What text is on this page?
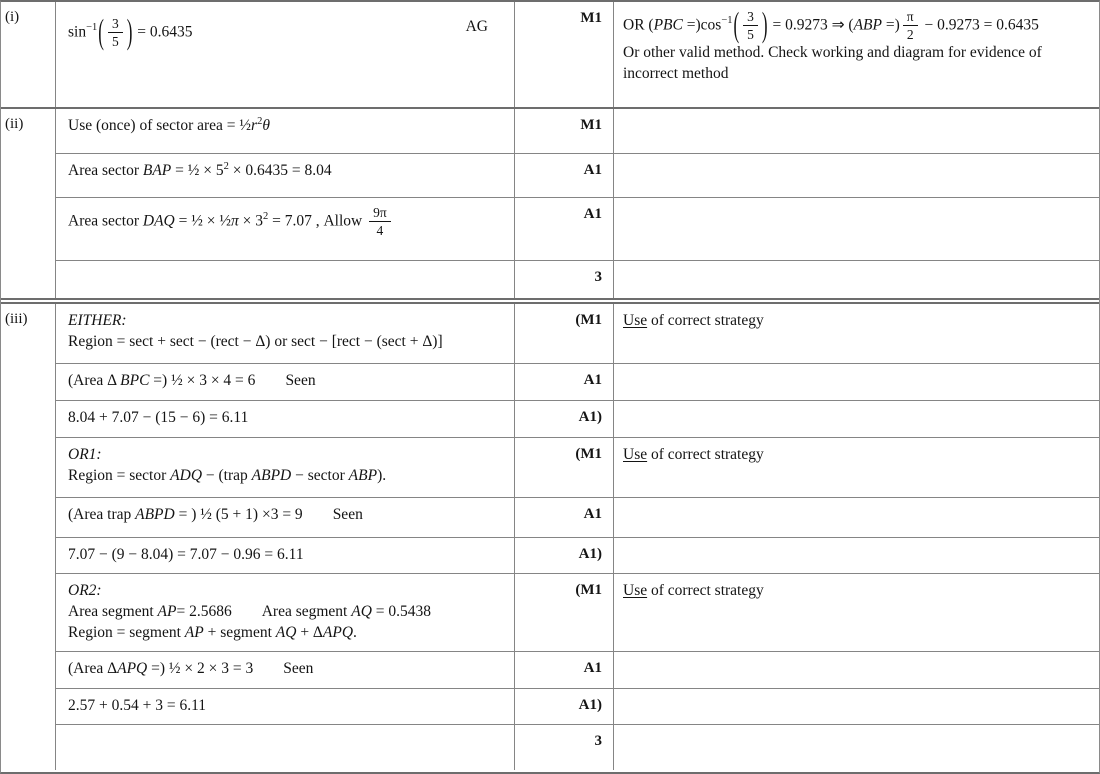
(i)
$\sin^{-1}$ ( $\frac{3}{5}$ ) = 0.6435	AG	M1	OR $(PBC =)\cos^{-1}$ ( $\frac{3}{5}$ ) = 0.9273 ⇒ (ABP =) $\frac{\pi}{2} - 0.9273 = 0.6435$
Or other valid method. Check working and diagram for evidence of incorrect method
(ii)	Use (once) of sector area = $\frac{1}{2}r^2\theta$	M1
Area sector BAP = ½ × $5^2 \times 0.6435 = 8.04$	A1
Area sector DAQ = ½ × ½π × $3^2 = 7.07$ , Allow $\frac{9\pi}{4}$	A1
3
(iii)	EITHER:
Region = sect + sect − (rect − Δ) or sect − [rect − (sect + Δ)]
(M1	Use of correct strategy
(Area Δ BPC =) ½ × 3 × 4 = 6 Seen	A1
8.04 + 7.07 − (15 − 6) = 6.11	A1)
OR1:
Region = sector ADQ − (trap ABPD − sector ABP).
(M1	Use of correct strategy
(Area trap ABPD = ) ½ (5 + 1) ×3 = 9 Seen	A1
7.07 − (9 − 8.04) = 7.07 − 0.96 = 6.11	A1)
OR2:
Area segment AP= 2.5686 Area segment AQ = 0.5438
Region = segment AP + segment AQ + ΔAPQ.
(M1	Use of correct strategy
(Area ΔAPQ =) ½ × 2 × 3 = 3 Seen	A1
2.57 + 0.54 + 3 = 6.11	A1)
3
